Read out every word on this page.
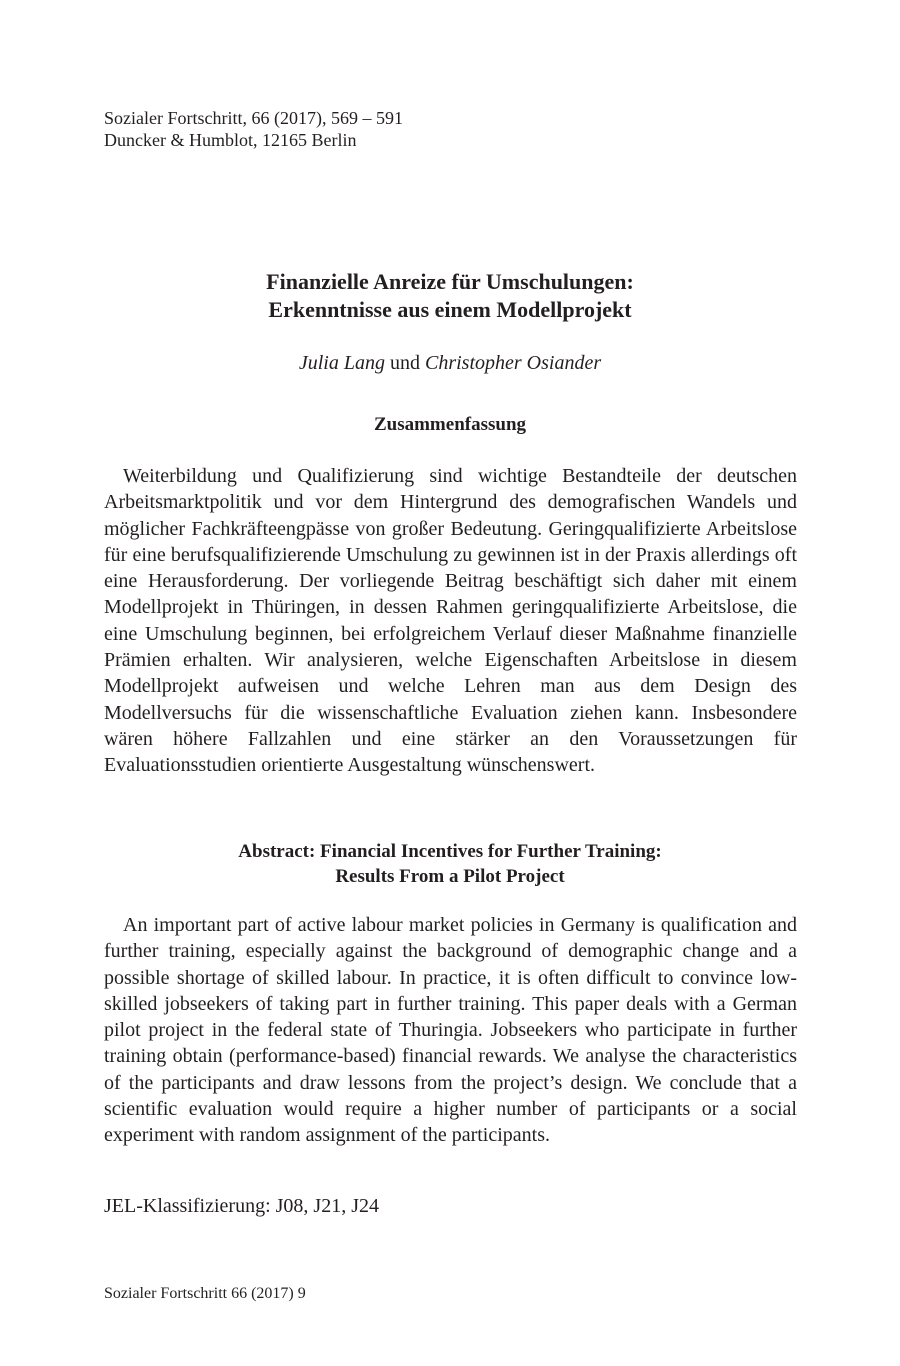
Sozialer Fortschritt, 66 (2017), 569 – 591
Duncker & Humblot, 12165 Berlin
Finanzielle Anreize für Umschulungen:
Erkenntnisse aus einem Modellprojekt
Julia Lang und Christopher Osiander
Zusammenfassung
Weiterbildung und Qualifizierung sind wichtige Bestandteile der deutschen Arbeitsmarktpolitik und vor dem Hintergrund des demografischen Wandels und möglicher Fachkräfteengpässe von großer Bedeutung. Geringqualifizierte Arbeitslose für eine berufsqualifizierende Umschulung zu gewinnen ist in der Praxis allerdings oft eine Herausforderung. Der vorliegende Beitrag beschäftigt sich daher mit einem Modellprojekt in Thüringen, in dessen Rahmen geringqualifizierte Arbeitslose, die eine Umschulung beginnen, bei erfolgreichem Verlauf dieser Maßnahme finanzielle Prämien erhalten. Wir analysieren, welche Eigenschaften Arbeitslose in diesem Modellprojekt aufweisen und welche Lehren man aus dem Design des Modellversuchs für die wissenschaftliche Evaluation ziehen kann. Insbesondere wären höhere Fallzahlen und eine stärker an den Voraussetzungen für Evaluationsstudien orientierte Ausgestaltung wünschenswert.
Abstract: Financial Incentives for Further Training:
Results From a Pilot Project
An important part of active labour market policies in Germany is qualification and further training, especially against the background of demographic change and a possible shortage of skilled labour. In practice, it is often difficult to convince low-skilled jobseekers of taking part in further training. This paper deals with a German pilot project in the federal state of Thuringia. Jobseekers who participate in further training obtain (performance-based) financial rewards. We analyse the characteristics of the participants and draw lessons from the project’s design. We conclude that a scientific evaluation would require a higher number of participants or a social experiment with random assignment of the participants.
JEL-Klassifizierung: J08, J21, J24
Sozialer Fortschritt 66 (2017) 9
